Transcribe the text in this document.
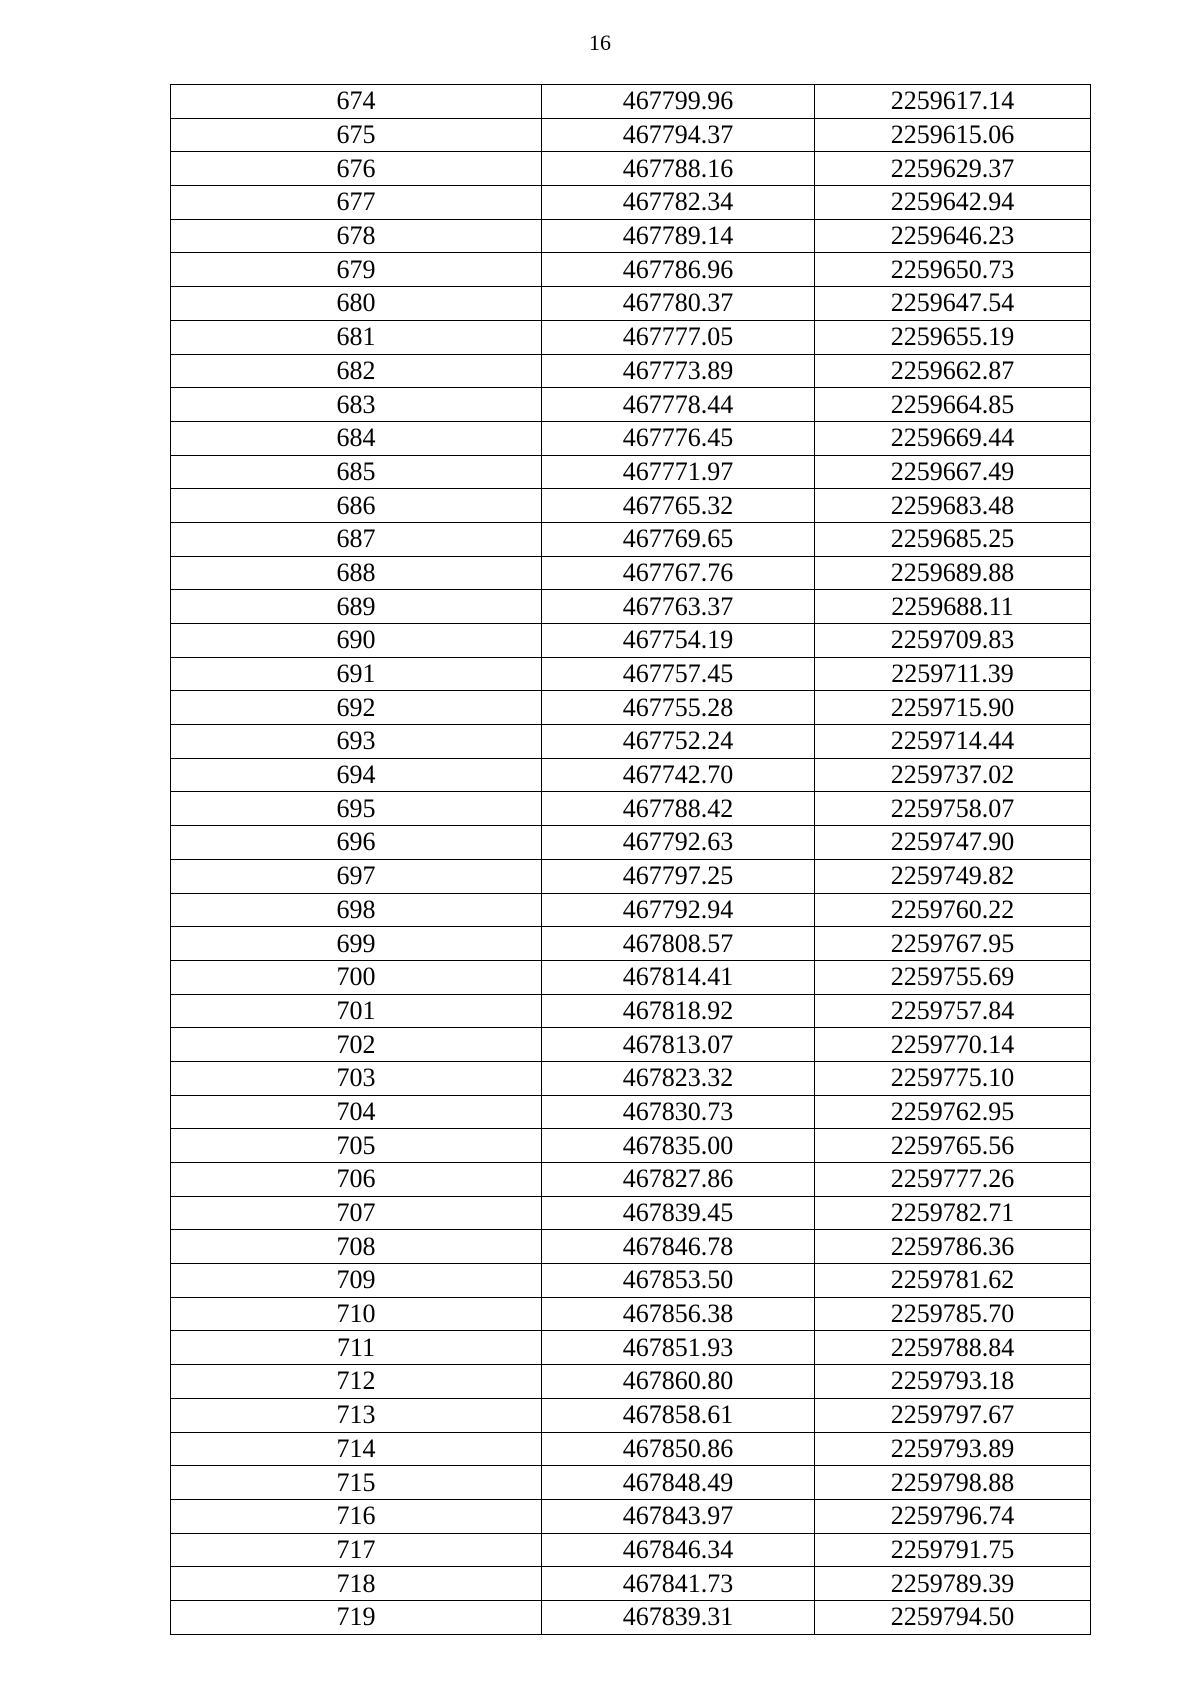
16
674	467799.96	2259617.14
675	467794.37	2259615.06
676	467788.16	2259629.37
677	467782.34	2259642.94
678	467789.14	2259646.23
679	467786.96	2259650.73
680	467780.37	2259647.54
681	467777.05	2259655.19
682	467773.89	2259662.87
683	467778.44	2259664.85
684	467776.45	2259669.44
685	467771.97	2259667.49
686	467765.32	2259683.48
687	467769.65	2259685.25
688	467767.76	2259689.88
689	467763.37	2259688.11
690	467754.19	2259709.83
691	467757.45	2259711.39
692	467755.28	2259715.90
693	467752.24	2259714.44
694	467742.70	2259737.02
695	467788.42	2259758.07
696	467792.63	2259747.90
697	467797.25	2259749.82
698	467792.94	2259760.22
699	467808.57	2259767.95
700	467814.41	2259755.69
701	467818.92	2259757.84
702	467813.07	2259770.14
703	467823.32	2259775.10
704	467830.73	2259762.95
705	467835.00	2259765.56
706	467827.86	2259777.26
707	467839.45	2259782.71
708	467846.78	2259786.36
709	467853.50	2259781.62
710	467856.38	2259785.70
711	467851.93	2259788.84
712	467860.80	2259793.18
713	467858.61	2259797.67
714	467850.86	2259793.89
715	467848.49	2259798.88
716	467843.97	2259796.74
717	467846.34	2259791.75
718	467841.73	2259789.39
719	467839.31	2259794.50
